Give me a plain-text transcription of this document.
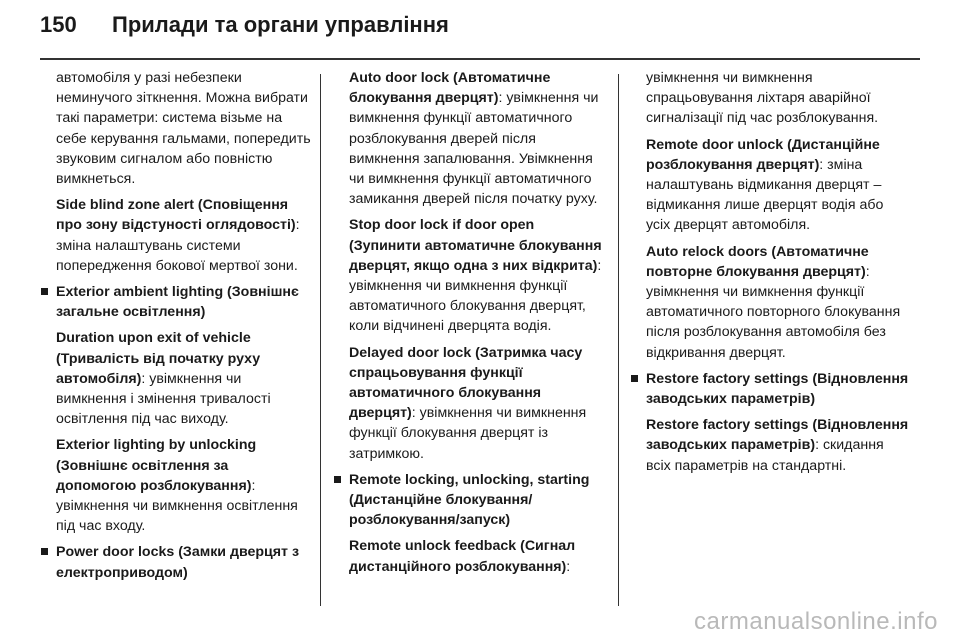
150	Прилади та органи управління

автомобіля у разі небезпеки неминучого зіткнення. Можна вибрати такі параметри: система візьме на себе керування гальмами, попередить звуковим сигналом або повністю вимкнеться.

Side blind zone alert (Сповіщення про зону відстуності оглядовості): зміна налаштувань системи попередження бокової мертвої зони.

Exterior ambient lighting (Зовнішнє загальне освітлення)

Duration upon exit of vehicle (Тривалість від початку руху автомобіля): увімкнення чи вимкнення і змінення тривалості освітлення під час виходу.

Exterior lighting by unlocking (Зовнішнє освітлення за допомогою розблокування): увімкнення чи вимкнення освітлення під час входу.

Power door locks (Замки дверцят з електроприводом)

Auto door lock (Автоматичне блокування дверцят): увімкнення чи вимкнення функції автоматичного розблокування дверей після вимкнення запалювання. Увімкнення чи вимкнення функції автоматичного замикання дверей після початку руху.

Stop door lock if door open (Зупинити автоматичне блокування дверцят, якщо одна з них відкрита): увімкнення чи вимкнення функції автоматичного блокування дверцят, коли відчинені дверцята водія.

Delayed door lock (Затримка часу спрацьовування функції автоматичного блокування дверцят): увімкнення чи вимкнення функції блокування дверцят із затримкою.

Remote locking, unlocking, starting (Дистанційне блокування/ розблокування/запуск)

Remote unlock feedback (Сигнал дистанційного розблокування):

увімкнення чи вимкнення спрацьовування ліхтаря аварійної сигналізації під час розблокування.

Remote door unlock (Дистанційне розблокування дверцят): зміна налаштувань відмикання дверцят – відмикання лише дверцят водія або усіх дверцят автомобіля.

Auto relock doors (Автоматичне повторне блокування дверцят): увімкнення чи вимкнення функції автоматичного повторного блокування після розблокування автомобіля без відкривання дверцят.

Restore factory settings (Відновлення заводських параметрів)

Restore factory settings (Відновлення заводських параметрів): скидання всіх параметрів на стандартні.

carmanualsonline.info
